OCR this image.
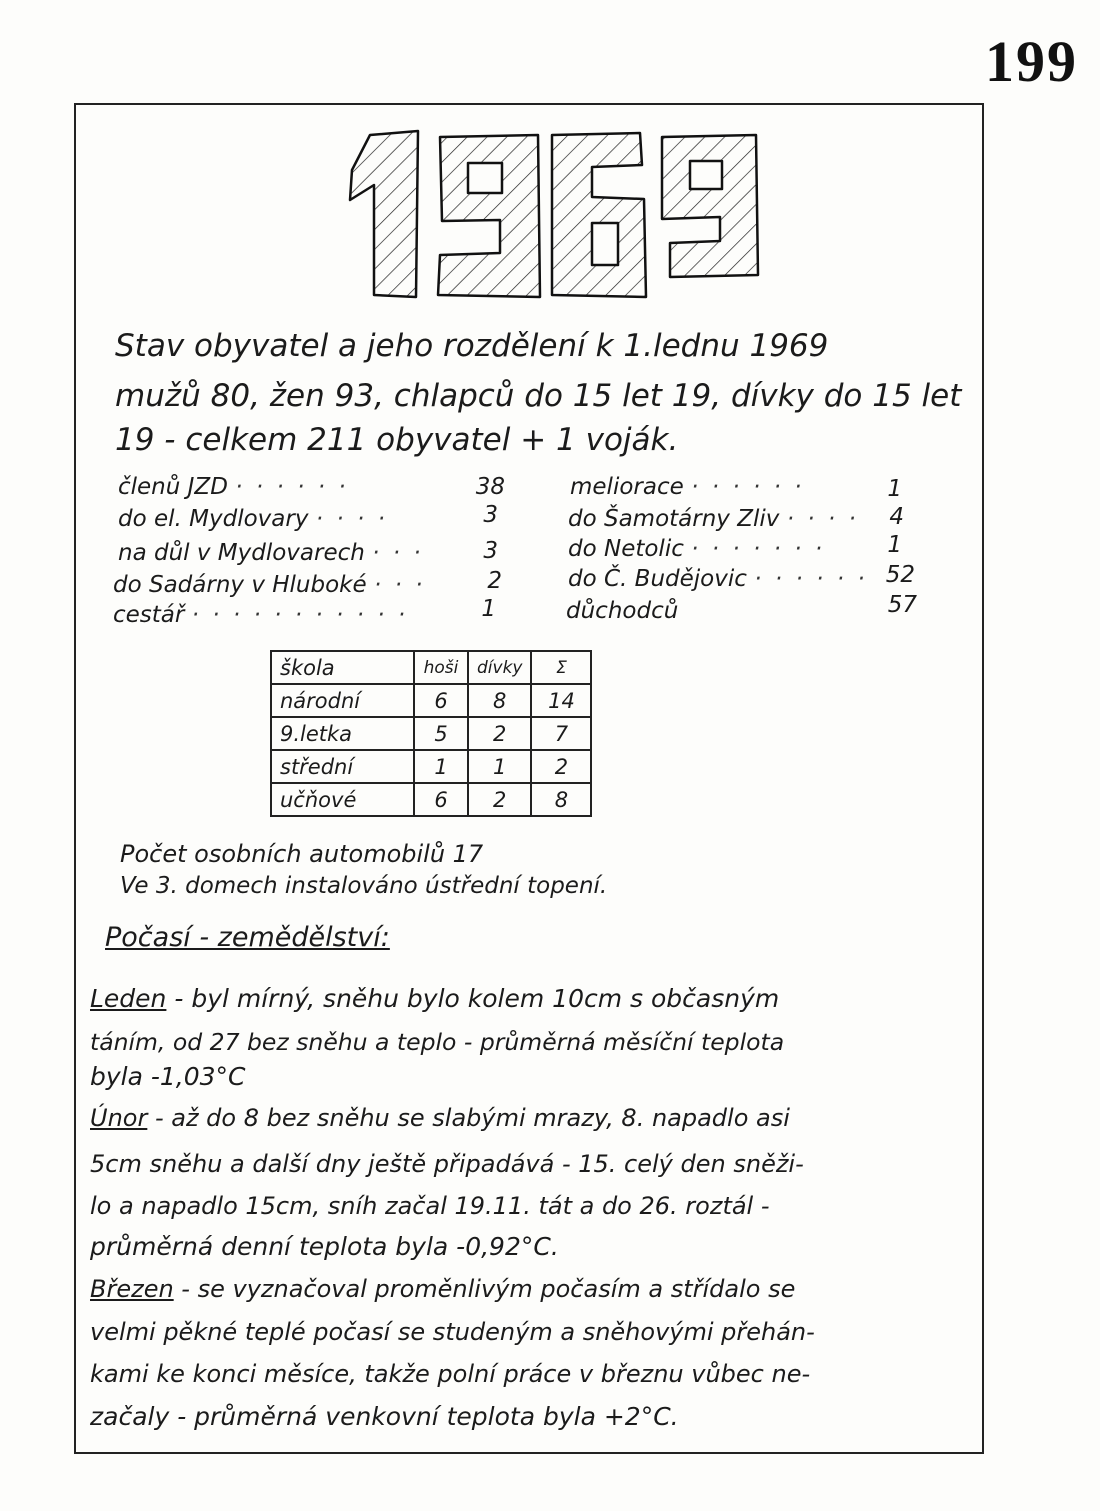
199
Stav obyvatel a jeho rozdělení k 1.lednu 1969
mužů 80, žen 93, chlapců do 15 let 19, dívky do 15 let
19 - celkem 211 obyvatel + 1 voják.
členů JZD · · · · · ·	38
do el. Mydlovary · · · ·	3
na důl v Mydlovarech · · ·	3
do Sadárny v Hluboké · · ·	2
cestář · · · · · · · · · · ·	1
meliorace · · · · · ·	1
do Šamotárny Zliv · · · ·	4
do Netolic · · · · · · ·	1
do Č. Budějovic · · · · · · 52
důchodců	57
škola	hoši	dívky	Σ
národní	6	8	14
9.letka	5	2	7
střední	1	1	2
učňové	6	2	8
Počet osobních automobilů 17
Ve 3. domech instalováno ústřední topení.
Počasí - zemědělství:
Leden - byl mírný, sněhu bylo kolem 10cm s občasným
táním, od 27 bez sněhu a teplo - průměrná měsíční teplota
byla -1,03°C
Únor - až do 8 bez sněhu se slabými mrazy, 8. napadlo asi
5cm sněhu a další dny ještě připadává - 15. celý den sněži-
lo a napadlo 15cm, sníh začal 19.11. tát a do 26. roztál -
průměrná denní teplota byla -0,92°C.
Březen - se vyznačoval proměnlivým počasím a střídalo se
velmi pěkné teplé počasí se studeným a sněhovými přehán-
kami ke konci měsíce, takže polní práce v březnu vůbec ne-
začaly - průměrná venkovní teplota byla +2°C.
